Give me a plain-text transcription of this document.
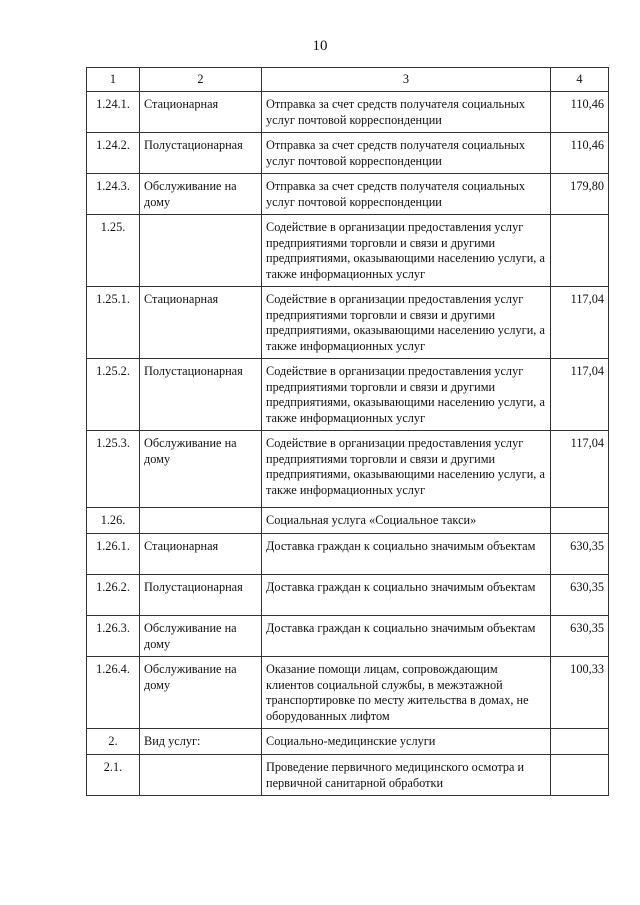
10
1	2	3	4
1.24.1.	Стационарная	Отправка за счет средств получателя социальных услуг почтовой корреспонденции	110,46
1.24.2.	Полустационарная	Отправка за счет средств получателя социальных услуг почтовой корреспонденции	110,46
1.24.3.	Обслуживание на дому	Отправка за счет средств получателя социальных услуг почтовой корреспонденции	179,80
1.25.		Содействие в организации предоставления услуг предприятиями торговли и связи и другими предприятиями, оказывающими населению услуги, а также информационных услуг	
1.25.1.	Стационарная	Содействие в организации предоставления услуг предприятиями торговли и связи и другими предприятиями, оказывающими населению услуги, а также информационных услуг	117,04
1.25.2.	Полустационарная	Содействие в организации предоставления услуг предприятиями торговли и связи и другими предприятиями, оказывающими населению услуги, а также информационных услуг	117,04
1.25.3.	Обслуживание на дому	Содействие в организации предоставления услуг предприятиями торговли и связи и другими предприятиями, оказывающими населению услуги, а также информационных услуг	117,04
1.26.		Социальная услуга «Социальное такси»	
1.26.1.	Стационарная	Доставка граждан к социально значимым объектам	630,35
1.26.2.	Полустационарная	Доставка граждан к социально значимым объектам	630,35
1.26.3.	Обслуживание на дому	Доставка граждан к социально значимым объектам	630,35
1.26.4.	Обслуживание на дому	Оказание помощи лицам, сопровождающим клиентов социальной службы, в межэтажной транспортировке по месту жительства в домах, не оборудованных лифтом	100,33
2.	Вид услуг:	Социально-медицинские услуги	
2.1.		Проведение первичного медицинского осмотра и первичной санитарной обработки	
